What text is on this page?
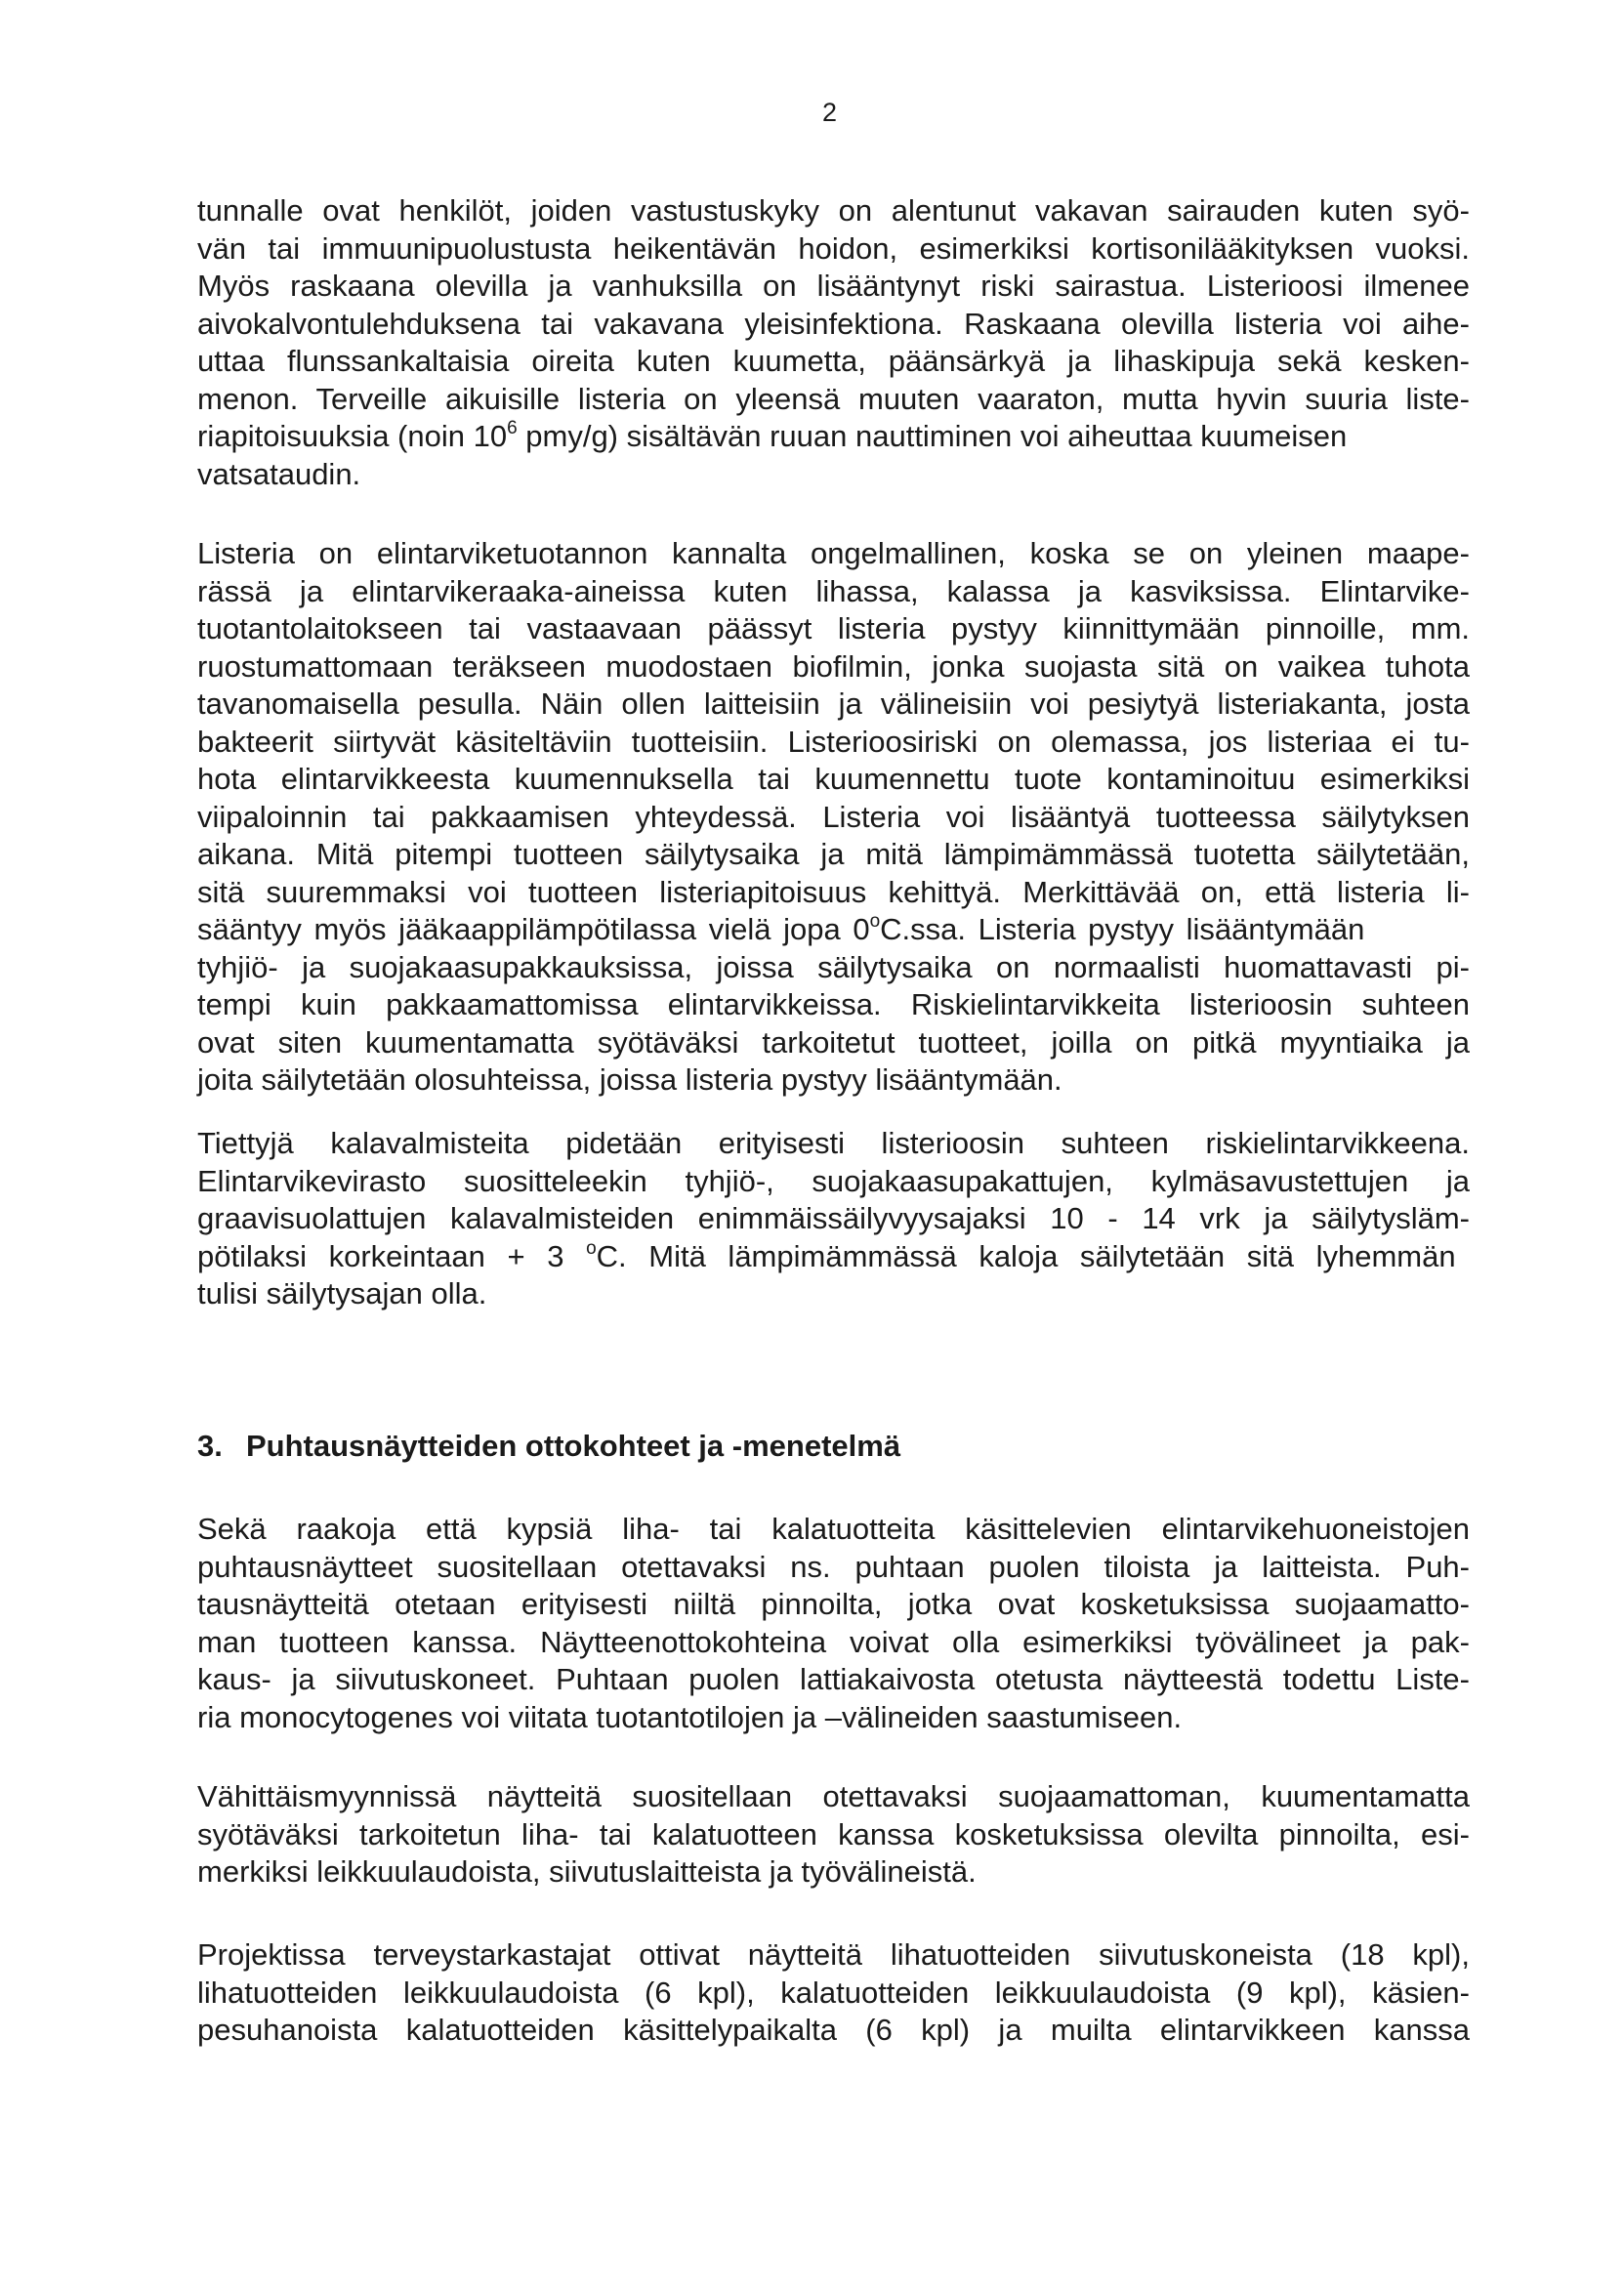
2
tunnalle ovat henkilöt, joiden vastustuskyky on alentunut vakavan sairauden kuten syö-
vän tai immuunipuolustusta heikentävän hoidon, esimerkiksi kortisonilääkityksen vuoksi.
Myös raskaana olevilla ja vanhuksilla on lisääntynyt riski sairastua. Listerioosi ilmenee
aivokalvontulehduksena tai vakavana yleisinfektiona. Raskaana olevilla listeria voi aihe-
uttaa flunssankaltaisia oireita kuten kuumetta, päänsärkyä ja lihaskipuja sekä kesken-
menon. Terveille aikuisille listeria on yleensä muuten vaaraton, mutta hyvin suuria liste-
riapitoisuuksia (noin $10^6$ pmy/g) sisältävän ruuan nauttiminen voi aiheuttaa kuumeisen
vatsataudin.
Listeria on elintarviketuotannon kannalta ongelmallinen, koska se on yleinen maape-
rässä ja elintarvikeraaka-aineissa kuten lihassa, kalassa ja kasviksissa. Elintarvike-
tuotantolaitokseen tai vastaavaan päässyt listeria pystyy kiinnittymään pinnoille, mm.
ruostumattomaan teräkseen muodostaen biofilmin, jonka suojasta sitä on vaikea tuhota
tavanomaisella pesulla. Näin ollen laitteisiin ja välineisiin voi pesiytyä listeriakanta, josta
bakteerit siirtyvät käsiteltäviin tuotteisiin. Listerioosiriski on olemassa, jos listeriaa ei tu-
hota elintarvikkeesta kuumennuksella tai kuumennettu tuote kontaminoituu esimerkiksi
viipaloinnin tai pakkaamisen yhteydessä. Listeria voi lisääntyä tuotteessa säilytyksen
aikana. Mitä pitempi tuotteen säilytysaika ja mitä lämpimämmässä tuotetta säilytetään,
sitä suuremmaksi voi tuotteen listeriapitoisuus kehittyä. Merkittävää on, että listeria li-
sääntyy myös jääkaappilämpötilassa vielä jopa 0$^o$C.ssa. Listeria pystyy lisääntymään
tyhjiö- ja suojakaasupakkauksissa, joissa säilytysaika on normaalisti huomattavasti pi-
tempi kuin pakkaamattomissa elintarvikkeissa. Riskielintarvikkeita listerioosin suhteen
ovat siten kuumentamatta syötäväksi tarkoitetut tuotteet, joilla on pitkä myyntiaika ja
joita säilytetään olosuhteissa, joissa listeria pystyy lisääntymään.
Tiettyjä kalavalmisteita pidetään erityisesti listerioosin suhteen riskielintarvikkeena.
Elintarvikevirasto suositteleekin tyhjiö-, suojakaasupakattujen, kylmäsavustettujen ja
graavisuolattujen kalavalmisteiden enimmäissäilyvyysajaksi 10 - 14 vrk ja säilytysläm-
pötilaksi korkeintaan + 3 $^o$C. Mitä lämpimämmässä kaloja säilytetään sitä lyhemmän
tulisi säilytysajan olla.
3. Puhtausnäytteiden ottokohteet ja -menetelmä
Sekä raakoja että kypsiä liha- tai kalatuotteita käsittelevien elintarvikehuoneistojen
puhtausnäytteet suositellaan otettavaksi ns. puhtaan puolen tiloista ja laitteista. Puh-
tausnäytteitä otetaan erityisesti niiltä pinnoilta, jotka ovat kosketuksissa suojaamatto-
man tuotteen kanssa. Näytteenottokohteina voivat olla esimerkiksi työvälineet ja pak-
kaus- ja siivutuskoneet. Puhtaan puolen lattiakaivosta otetusta näytteestä todettu Liste-
ria monocytogenes voi viitata tuotantotilojen ja –välineiden saastumiseen.
Vähittäismyynnissä näytteitä suositellaan otettavaksi suojaamattoman, kuumentamatta
syötäväksi tarkoitetun liha- tai kalatuotteen kanssa kosketuksissa olevilta pinnoilta, esi-
merkiksi leikkuulaudoista, siivutuslaitteista ja työvälineistä.
Projektissa terveystarkastajat ottivat näytteitä lihatuotteiden siivutuskoneista (18 kpl),
lihatuotteiden leikkuulaudoista (6 kpl), kalatuotteiden leikkuulaudoista (9 kpl), käsien-
pesuhanoista kalatuotteiden käsittelypaikalta (6 kpl) ja muilta elintarvikkeen kanssa
